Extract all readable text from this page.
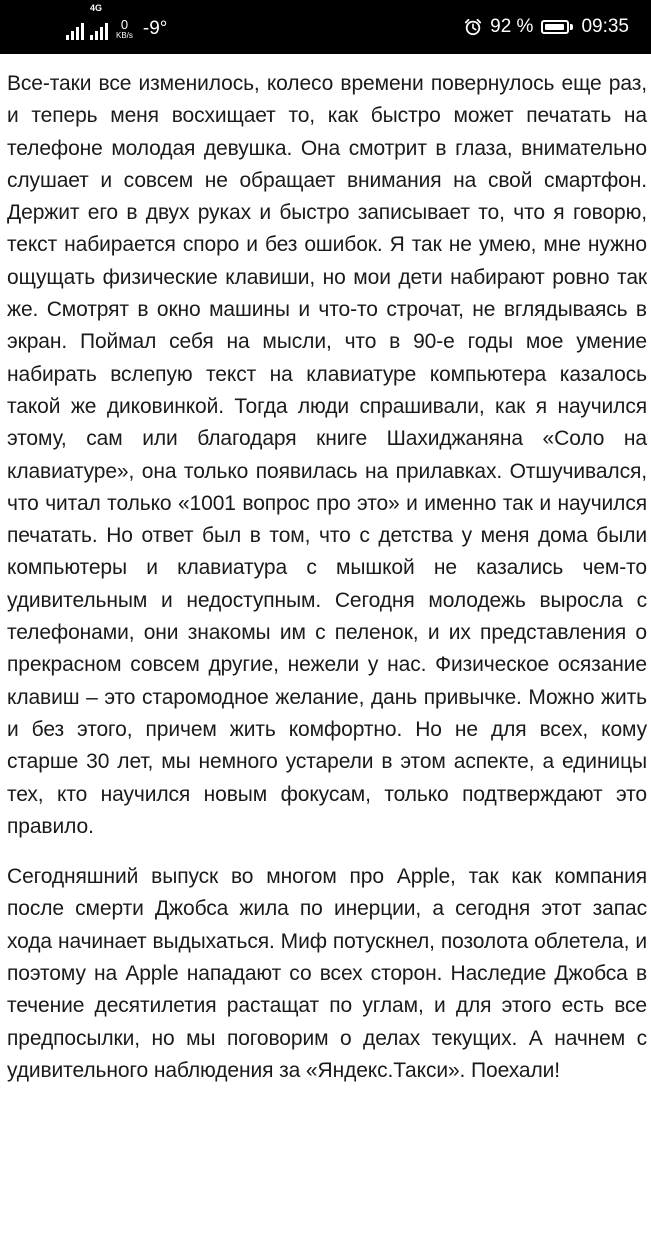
4G
0
KB/s -9°	92 %	09:35

Все-таки все изменилось, колесо времени повернулось еще раз, и теперь меня восхищает то, как быстро может печатать на телефоне молодая девушка. Она смотрит в глаза, внимательно слушает и совсем не обращает внимания на свой смартфон. Держит его в двух руках и быстро записывает то, что я говорю, текст набирается споро и без ошибок. Я так не умею, мне нужно ощущать физические клавиши, но мои дети набирают ровно так же. Смотрят в окно машины и что-то строчат, не вглядываясь в экран. Поймал себя на мысли, что в 90-е годы мое умение набирать вслепую текст на клавиатуре компьютера казалось такой же диковинкой. Тогда люди спрашивали, как я научился этому, сам или благодаря книге Шахиджаняна «Соло на клавиатуре», она только появилась на прилавках. Отшучивался, что читал только «1001 вопрос про это» и именно так и научился печатать. Но ответ был в том, что с детства у меня дома были компьютеры и клавиатура с мышкой не казались чем-то удивительным и недоступным. Сегодня молодежь выросла с телефонами, они знакомы им с пеленок, и их представления о прекрасном совсем другие, нежели у нас. Физическое осязание клавиш – это старомодное желание, дань привычке. Можно жить и без этого, причем жить комфортно. Но не для всех, кому старше 30 лет, мы немного устарели в этом аспекте, а единицы тех, кто научился новым фокусам, только подтверждают это правило.

Сегодняшний выпуск во многом про Apple, так как компания после смерти Джобса жила по инерции, а сегодня этот запас хода начинает выдыхаться. Миф потускнел, позолота облетела, и поэтому на Apple нападают со всех сторон. Наследие Джобса в течение десятилетия растащат по углам, и для этого есть все предпосылки, но мы поговорим о делах текущих. А начнем с удивительного наблюдения за «Яндекс.Такси». Поехали!
